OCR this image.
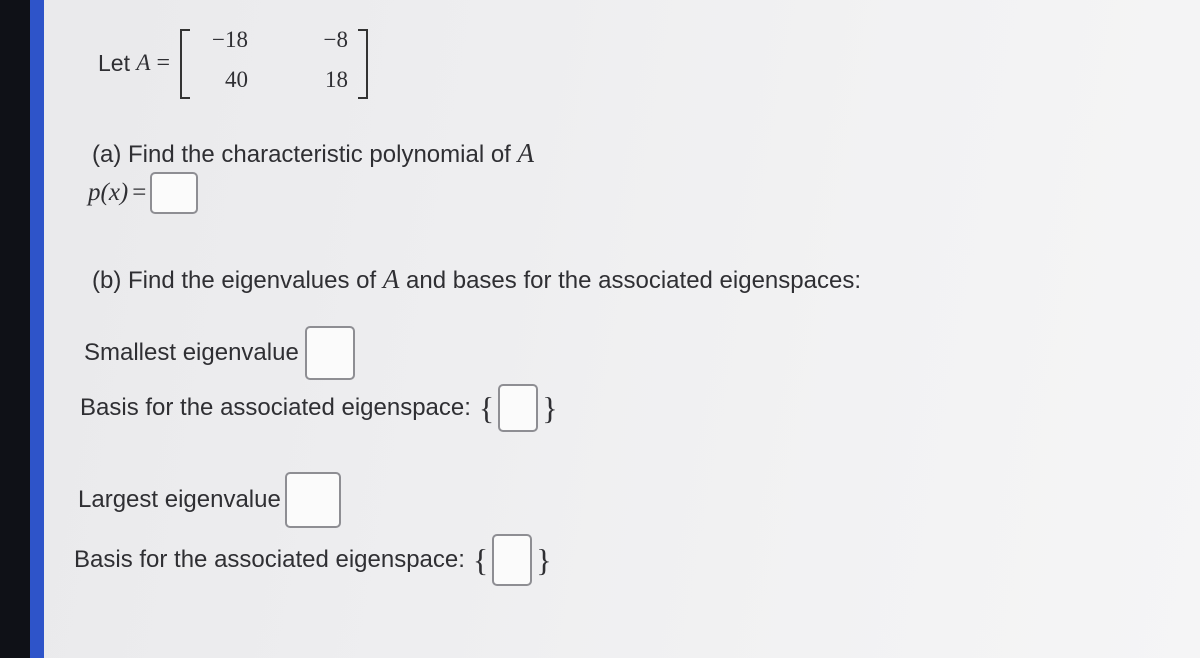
Let
A =
−18	−8
40	18
(a) Find the characteristic polynomial of A
p(x) =
(b) Find the eigenvalues of A and bases for the associated eigenspaces:
Smallest eigenvalue
Basis for the associated eigenspace: { }
Largest eigenvalue
Basis for the associated eigenspace: { }
